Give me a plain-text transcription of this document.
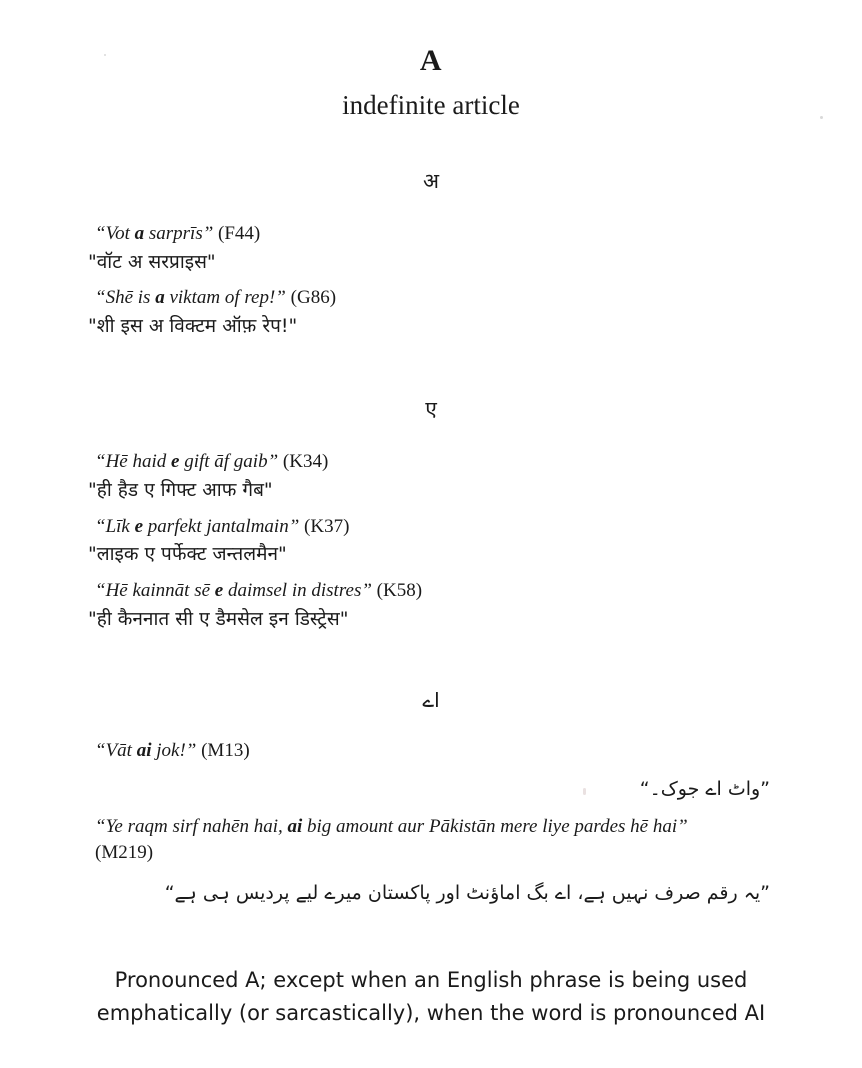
A
indefinite article
अ
“Vot a sarprīs” (F44)
"वॉट अ सरप्राइस"
“Shē is a viktam of rep!” (G86)
"शी इस अ विक्टम ऑफ़ रेप!"
ए
“Hē haid e gift āf gaib” (K34)
"ही हैड ए गिफ्ट आफ गैब"
“Līk e parfekt jantalmain” (K37)
"लाइक ए पर्फेक्ट जन्तलमैन"
“Hē kainnāt sē e daimsel in distres” (K58)
"ही कैननात सी ए डैमसेल इन डिस्ट्रेस"
اے
“Vāt ai jok!” (M13)
”واٹ اے جوک۔“
“Ye raqm sirf nahēn hai, ai big amount aur Pākistān mere liye pardes hē hai”
(M219)
”یہ رقم صرف نہیں ہے، اے بگ اماؤنٹ اور پاکستان میرے لیے پردیس ہی ہے“
Pronounced A; except when an English phrase is being used emphatically (or sarcastically), when the word is pronounced AI
